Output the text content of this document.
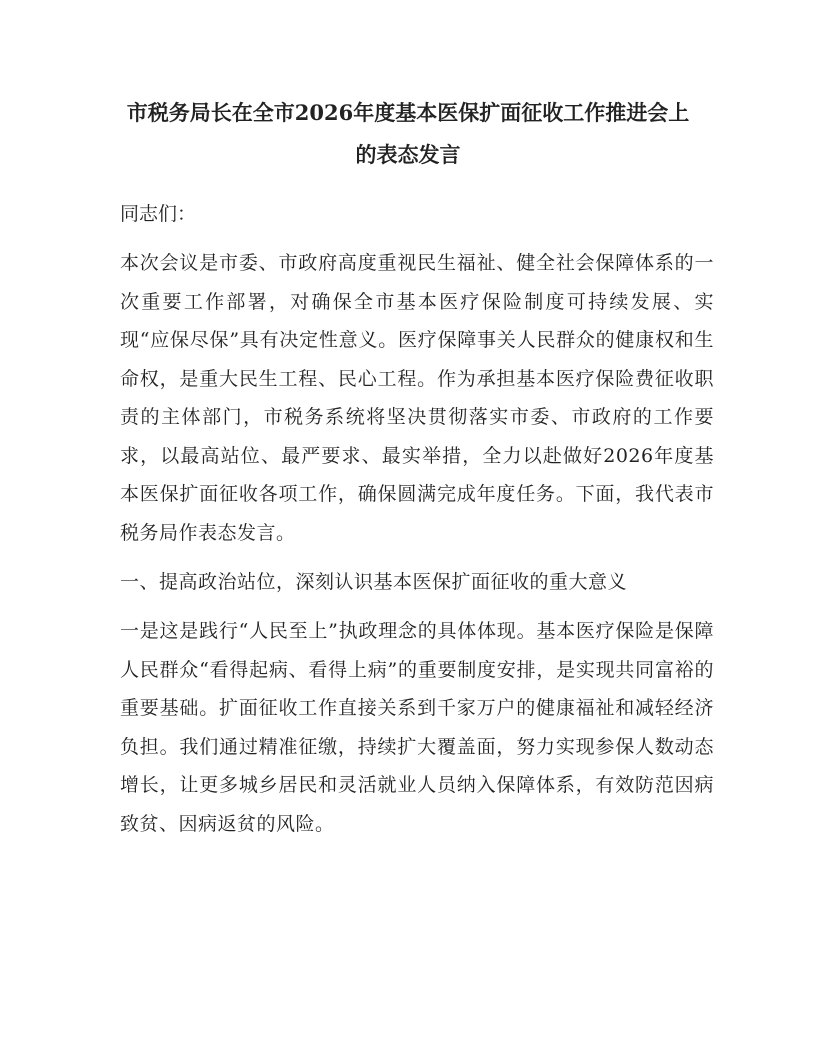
市税务局长在全市2026年度基本医保扩面征收工作推进会上
的表态发言
同志们：
本次会议是市委、市政府高度重视民生福祉、健全社会保障体系的一次重要工作部署，对确保全市基本医疗保险制度可持续发展、实现“应保尽保”具有决定性意义。医疗保障事关人民群众的健康权和生命权，是重大民生工程、民心工程。作为承担基本医疗保险费征收职责的主体部门，市税务系统将坚决贯彻落实市委、市政府的工作要求，以最高站位、最严要求、最实举措，全力以赴做好2026年度基本医保扩面征收各项工作，确保圆满完成年度任务。下面，我代表市税务局作表态发言。
一、提高政治站位，深刻认识基本医保扩面征收的重大意义
一是这是践行“人民至上”执政理念的具体体现。基本医疗保险是保障人民群众“看得起病、看得上病”的重要制度安排，是实现共同富裕的重要基础。扩面征收工作直接关系到千家万户的健康福祉和减轻经济负担。我们通过精准征缴，持续扩大覆盖面，努力实现参保人数动态增长，让更多城乡居民和灵活就业人员纳入保障体系，有效防范因病致贫、因病返贫的风险。
